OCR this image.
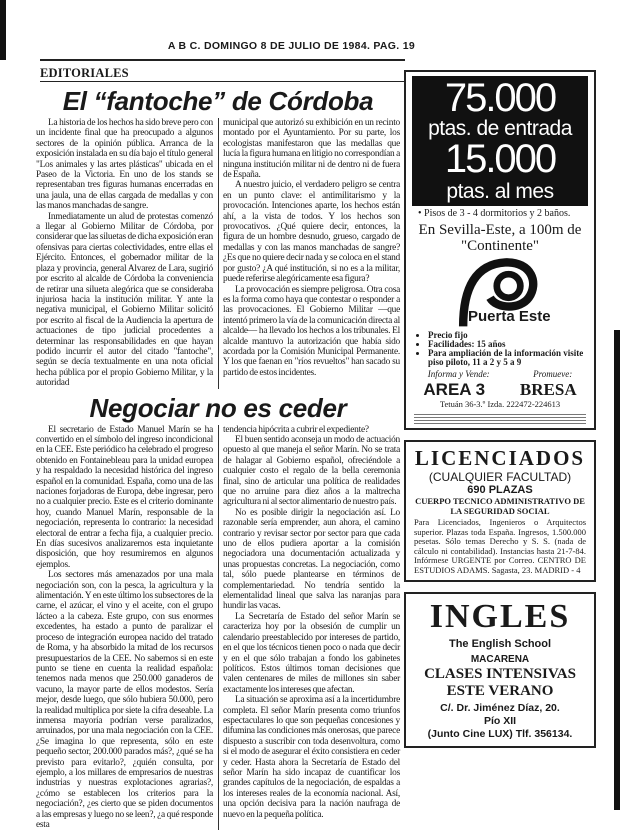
A B C. DOMINGO 8 DE JULIO DE 1984. PAG. 19
EDITORIALES
El “fantoche” de Córdoba

La historia de los hechos ha sido breve pero con un incidente final que ha preocupado a algunos sectores de la opinión pública. Arranca de la exposición instalada en su día bajo el título general "Los animales y las artes plásticas" ubicada en el Paseo de la Victoria. En uno de los stands se representaban tres figuras humanas encerradas en una jaula, una de ellas cargada de medallas y con las manos manchadas de sangre.

Inmediatamente un alud de protestas comenzó a llegar al Gobierno Militar de Córdoba, por considerar que las siluetas de dicha exposición eran ofensivas para ciertas colectividades, entre ellas el Ejército. Entonces, el gobernador militar de la plaza y provincia, general Alvarez de Lara, sugirió por escrito al alcalde de Córdoba la conveniencia de retirar una silueta alegórica que se consideraba injuriosa hacia la institución militar. Y ante la negativa municipal, el Gobierno Militar solicitó por escrito al fiscal de la Audiencia la apertura de actuaciones de tipo judicial procedentes a determinar las responsabilidades en que hayan podido incurrir el autor del citado "fantoche", según se decía textualmente en una nota oficial hecha pública por el propio Gobierno Militar, y la autoridad

municipal que autorizó su exhibición en un recinto montado por el Ayuntamiento. Por su parte, los ecologistas manifestaron que las medallas que lucía la figura humana en litigio no correspondían a ninguna institución militar ni de dentro ni de fuera de España.

A nuestro juicio, el verdadero peligro se centra en un punto clave: el antimilitarismo y la provocación. Intenciones aparte, los hechos están ahí, a la vista de todos. Y los hechos son provocativos. ¿Qué quiere decir, entonces, la figura de un hombre desnudo, grueso, cargado de medallas y con las manos manchadas de sangre? ¿Es que no quiere decir nada y se coloca en el stand por gusto? ¿A qué institución, si no es a la militar, puede referirse alegóricamente esa figura?

La provocación es siempre peligrosa. Otra cosa es la forma como haya que contestar o responder a las provocaciones. El Gobierno Militar —que intentó primero la vía de la comunicación directa al alcalde— ha llevado los hechos a los tribunales. El alcalde mantuvo la autorización que había sido acordada por la Comisión Municipal Permanente. Y los que faenan en "ríos revueltos" han sacado su partido de estos incidentes.

Negociar no es ceder

El secretario de Estado Manuel Marín se ha convertido en el símbolo del ingreso incondicional en la CEE. Este periódico ha celebrado el progreso obtenido en Fontainebleau para la unidad europea y ha respaldado la necesidad histórica del ingreso español en la comunidad. España, como una de las naciones forjadoras de Europa, debe ingresar, pero no a cualquier precio. Este es el criterio dominante hoy, cuando Manuel Marín, responsable de la negociación, representa lo contrario: la necesidad electoral de entrar a fecha fija, a cualquier precio. En días sucesivos analizaremos esta inquietante disposición, que hoy resumiremos en algunos ejemplos.

Los sectores más amenazados por una mala negociación son, con la pesca, la agricultura y la alimentación. Y en este último los subsectores de la carne, el azúcar, el vino y el aceite, con el grupo lácteo a la cabeza. Este grupo, con sus enormes excedentes, ha estado a punto de paralizar el proceso de integración europea nacido del tratado de Roma, y ha absorbido la mitad de los recursos presupuestarios de la CEE. No sabemos si en este punto se tiene en cuenta la realidad española: tenemos nada menos que 250.000 ganaderos de vacuno, la mayor parte de ellos modestos. Sería mejor, desde luego, que sólo hubiera 50.000, pero la realidad multiplica por siete la cifra deseable. La inmensa mayoría podrían verse paralizados, arruinados, por una mala negociación con la CEE. ¿Se imagina lo que representa, sólo en este pequeño sector, 200.000 parados más?, ¿qué se ha previsto para evitarlo?, ¿quién consulta, por ejemplo, a los millares de empresarios de nuestras industrias y nuestras explotaciones agrarias?, ¿cómo se establecen los criterios para la negociación?, ¿es cierto que se piden documentos a las empresas y luego no se leen?, ¿a qué responde esta

tendencia hipócrita a cubrir el expediente?

El buen sentido aconseja un modo de actuación opuesto al que maneja el señor Marín. No se trata de halagar al Gobierno español, ofreciéndole a cualquier costo el regalo de la bella ceremonia final, sino de articular una política de realidades que no arruine para diez años a la maltrecha agricultura ni al sector alimentario de nuestro país.

No es posible dirigir la negociación así. Lo razonable sería emprender, aun ahora, el camino contrario y revisar sector por sector para que cada uno de ellos pudiera aportar a la comisión negociadora una documentación actualizada y unas propuestas concretas. La negociación, como tal, sólo puede plantearse en términos de complementariedad. No tendría sentido la elementalidad lineal que salva las naranjas para hundir las vacas.

La Secretaría de Estado del señor Marín se caracteriza hoy por la obsesión de cumplir un calendario preestablecido por intereses de partido, en el que los técnicos tienen poco o nada que decir y en el que sólo trabajan a fondo los gabinetes políticos. Estos últimos toman decisiones que valen centenares de miles de millones sin saber exactamente los intereses que afectan.

La situación se aproxima así a la incertidumbre completa. El señor Marín presenta como triunfos espectaculares lo que son pequeñas concesiones y difumina las condiciones más onerosas, que parece dispuesto a suscribir con toda desenvoltura, como si el modo de asegurar el éxito consistiera en ceder y ceder. Hasta ahora la Secretaría de Estado del señor Marín ha sido incapaz de cuantificar los grandes capítulos de la negociación, de espaldas a los intereses reales de la economía nacional. Así, una opción decisiva para la nación naufraga de nuevo en la pequeña política.

75.000
ptas. de entrada
15.000
ptas. al mes
• Pisos de 3 - 4 dormitorios y 2 baños.
En Sevilla-Este, a 100m de "Continente"
Puerta Este
• Precio fijo
• Facilidades: 15 años
• Para ampliación de la información visite piso piloto, 11 a 2 y 5 a 9
Informa y Vende:	Promueve:
AREA 3 BRESA
Tetuán 36-3.º Izda. 222472-224613
LICENCIADOS
(CUALQUIER FACULTAD)
690 PLAZAS
CUERPO TECNICO ADMINISTRATIVO DE LA SEGURIDAD SOCIAL
Para Licenciados, Ingenieros o Arquitectos superior. Plazas toda España. Ingresos, 1.500.000 pesetas. Sólo temas Derecho y S. S. (nada de cálculo ni contabilidad). Instancias hasta 21-7-84. Infórmese URGENTE por Correo. CENTRO DE ESTUDIOS ADAMS. Sagasta, 23. MADRID - 4
INGLES
The English School
MACARENA
CLASES INTENSIVAS
ESTE VERANO
C/. Dr. Jiménez Díaz, 20.
Pío XII
(Junto Cine LUX) Tlf. 356134.
